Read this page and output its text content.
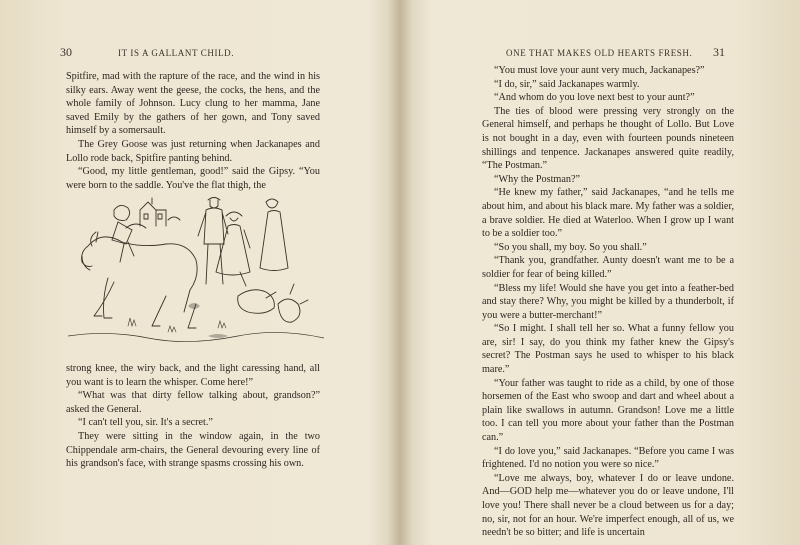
30	IT IS A GALLANT CHILD.

Spitfire, mad with the rapture of the race, and the wind in his silky ears. Away went the geese, the cocks, the hens, and the whole family of Johnson. Lucy clung to her mamma, Jane saved Emily by the gathers of her gown, and Tony saved himself by a somersault.

The Grey Goose was just returning when Jackanapes and Lollo rode back, Spitfire panting behind.

“Good, my little gentleman, good!” said the Gipsy. “You were born to the saddle. You've the flat thigh, the

strong knee, the wiry back, and the light caressing hand, all you want is to learn the whisper. Come here!”

“What was that dirty fellow talking about, grandson?” asked the General.

“I can't tell you, sir. It's a secret.”

They were sitting in the window again, in the two Chippendale arm-chairs, the General devouring every line of his grandson's face, with strange spasms crossing his own.

ONE THAT MAKES OLD HEARTS FRESH. 31

“You must love your aunt very much, Jackanapes?”

“I do, sir,” said Jackanapes warmly.

“And whom do you love next best to your aunt?”

The ties of blood were pressing very strongly on the General himself, and perhaps he thought of Lollo. But Love is not bought in a day, even with fourteen pounds nineteen shillings and tenpence. Jackanapes answered quite readily, “The Postman.”

“Why the Postman?”

“He knew my father,” said Jackanapes, “and he tells me about him, and about his black mare. My father was a soldier, a brave soldier. He died at Waterloo. When I grow up I want to be a soldier too.”

“So you shall, my boy. So you shall.”

“Thank you, grandfather. Aunty doesn't want me to be a soldier for fear of being killed.”

“Bless my life! Would she have you get into a feather-bed and stay there? Why, you might be killed by a thunderbolt, if you were a butter-merchant!”

“So I might. I shall tell her so. What a funny fellow you are, sir! I say, do you think my father knew the Gipsy's secret? The Postman says he used to whisper to his black mare.”

“Your father was taught to ride as a child, by one of those horsemen of the East who swoop and dart and wheel about a plain like swallows in autumn. Grandson! Love me a little too. I can tell you more about your father than the Postman can.”

“I do love you,” said Jackanapes. “Before you came I was frightened. I'd no notion you were so nice.”

“Love me always, boy, whatever I do or leave undone. And—GOD help me—whatever you do or leave undone, I'll love you! There shall never be a cloud between us for a day; no, sir, not for an hour. We're imperfect enough, all of us, we needn't be so bitter; and life is uncertain
